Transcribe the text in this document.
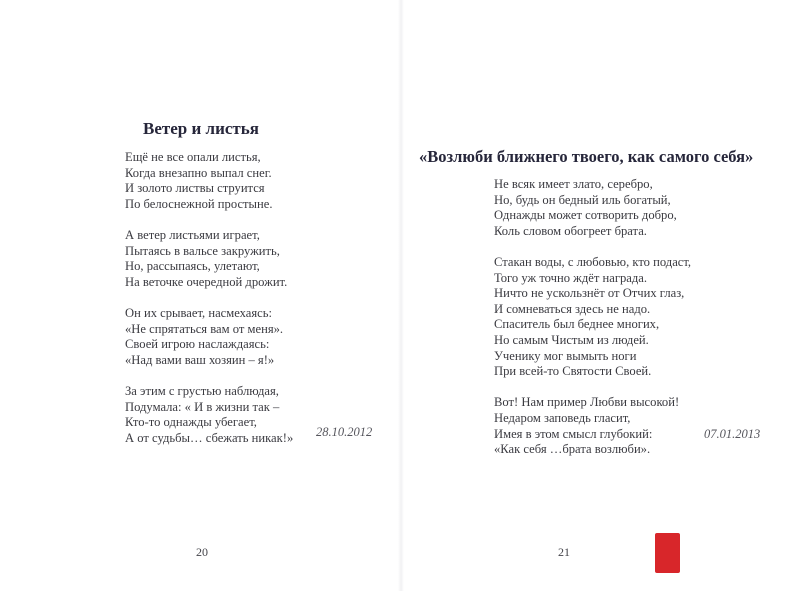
Ветер и листья
Ещё не все опали листья,
Когда внезапно выпал снег.
И золото листвы струится
По белоснежной простыне.
А ветер листьями играет,
Пытаясь в вальсе закружить,
Но, рассыпаясь, улетают,
На веточке очередной дрожит.
Он их срывает, насмехаясь:
«Не спрятаться вам от меня».
Своей игрою наслаждаясь:
«Над вами ваш хозяин – я!»
За этим с грустью наблюдая,
Подумала: « И в жизни так –
Кто-то однажды убегает,
А от судьбы… сбежать никак!» 28.10.2012
20
«Возлюби ближнего твоего, как самого себя»
Не всяк имеет злато, серебро,
Но, будь он бедный иль богатый,
Однажды может сотворить добро,
Коль словом обогреет брата.
Стакан воды, с любовью, кто подаст,
Того уж точно ждёт награда.
Ничто не ускользнёт от Отчих глаз,
И сомневаться здесь не надо.
Спаситель был беднее многих,
Но самым Чистым из людей.
Ученику мог вымыть ноги
При всей-то Святости Своей.
Вот! Нам пример Любви высокой!
Недаром заповедь гласит,
Имея в этом смысл глубокий:
«Как себя …брата возлюби».
07.01.2013
21
